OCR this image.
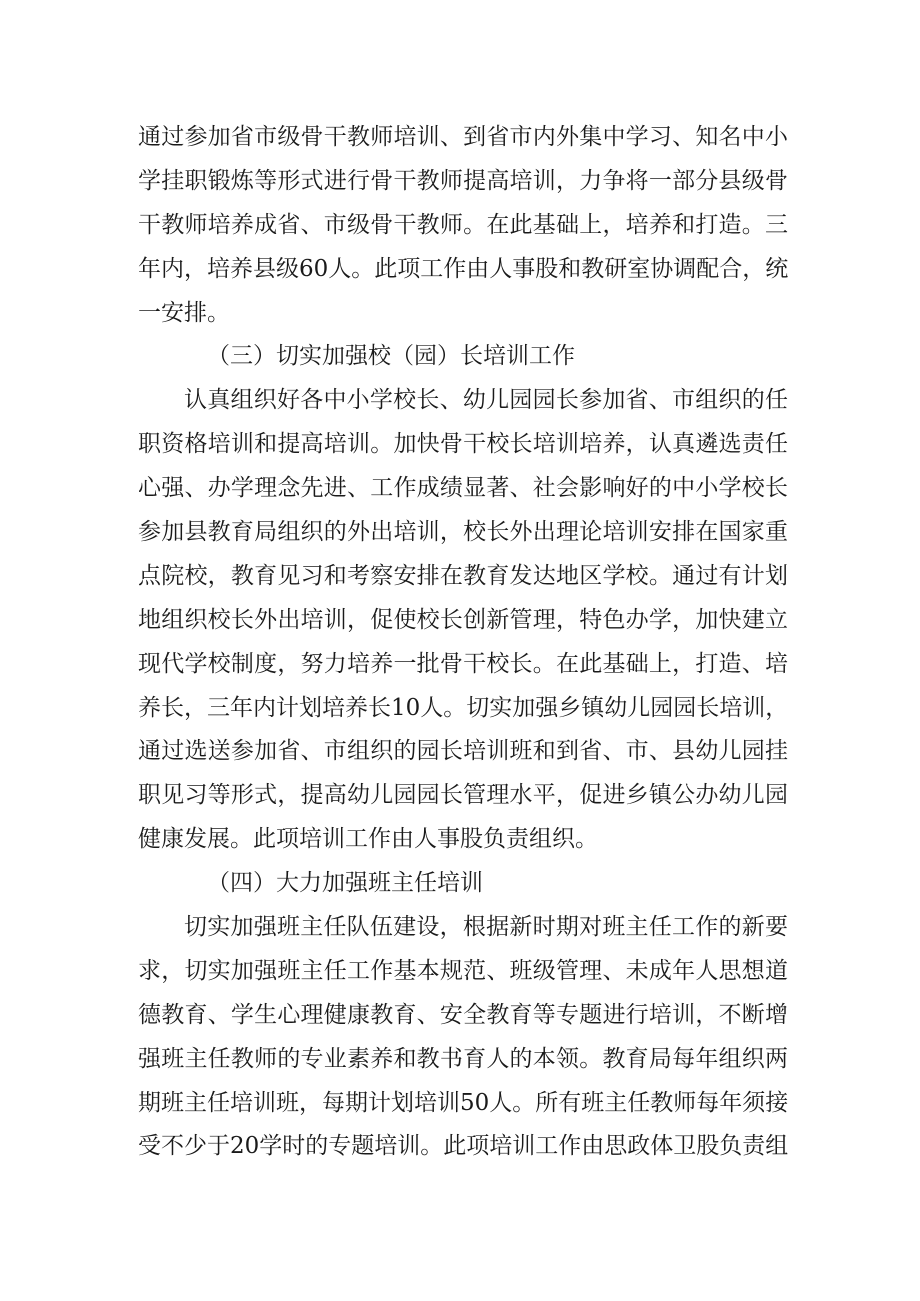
通过参加省市级骨干教师培训、到省市内外集中学习、知名中小
学挂职锻炼等形式进行骨干教师提高培训，力争将一部分县级骨
干教师培养成省、市级骨干教师。在此基础上，培养和打造。三
年内，培养县级60人。此项工作由人事股和教研室协调配合，统
一安排。
（三）切实加强校（园）长培训工作
认真组织好各中小学校长、幼儿园园长参加省、市组织的任
职资格培训和提高培训。加快骨干校长培训培养，认真遴选责任
心强、办学理念先进、工作成绩显著、社会影响好的中小学校长
参加县教育局组织的外出培训，校长外出理论培训安排在国家重
点院校，教育见习和考察安排在教育发达地区学校。通过有计划
地组织校长外出培训，促使校长创新管理，特色办学，加快建立
现代学校制度，努力培养一批骨干校长。在此基础上，打造、培
养长，三年内计划培养长10人。切实加强乡镇幼儿园园长培训，
通过选送参加省、市组织的园长培训班和到省、市、县幼儿园挂
职见习等形式，提高幼儿园园长管理水平，促进乡镇公办幼儿园
健康发展。此项培训工作由人事股负责组织。
（四）大力加强班主任培训
切实加强班主任队伍建设，根据新时期对班主任工作的新要
求，切实加强班主任工作基本规范、班级管理、未成年人思想道
德教育、学生心理健康教育、安全教育等专题进行培训，不断增
强班主任教师的专业素养和教书育人的本领。教育局每年组织两
期班主任培训班，每期计划培训50人。所有班主任教师每年须接
受不少于20学时的专题培训。此项培训工作由思政体卫股负责组
